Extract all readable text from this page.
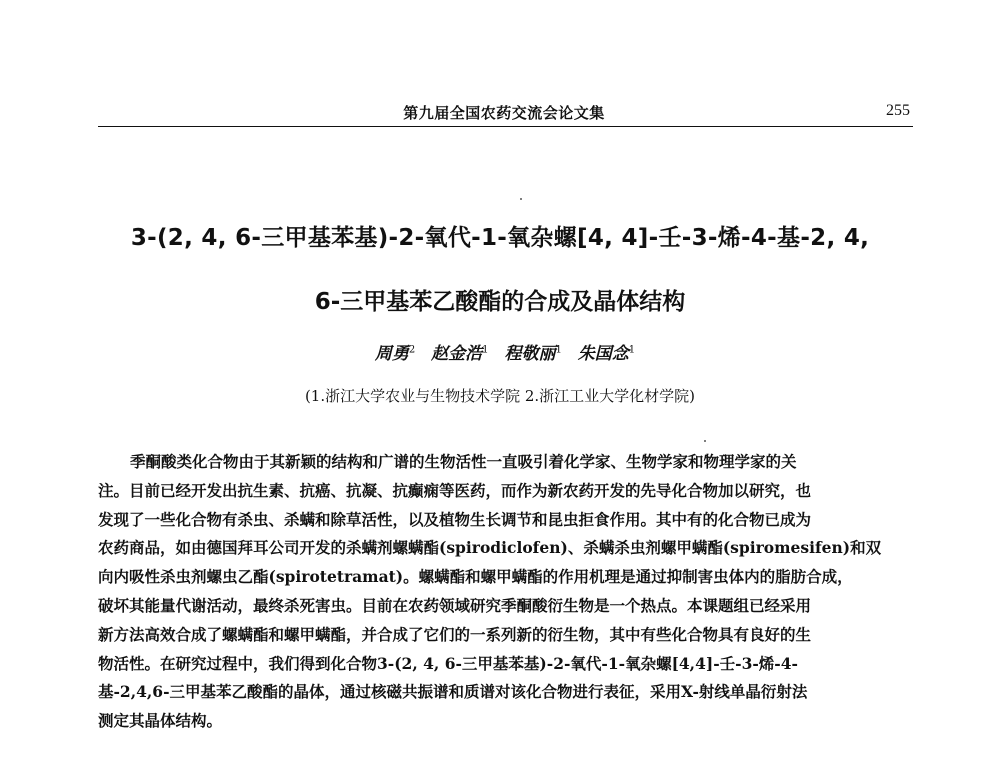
第九届全国农药交流会论文集	255
3-(2, 4, 6-三甲基苯基)-2-氧代-1-氧杂螺[4, 4]-壬-3-烯-4-基-2, 4,
6-三甲基苯乙酸酯的合成及晶体结构
周勇$^2$ 赵金浩$^1$ 程敬丽$^1$ 朱国念$^1$
(1.浙江大学农业与生物技术学院 2.浙江工业大学化材学院)
季酮酸类化合物由于其新颖的结构和广谱的生物活性一直吸引着化学家、生物学家和物理学家的关
注。目前已经开发出抗生素、抗癌、抗凝、抗癫痫等医药，而作为新农药开发的先导化合物加以研究，也
发现了一些化合物有杀虫、杀螨和除草活性，以及植物生长调节和昆虫拒食作用。其中有的化合物已成为
农药商品，如由德国拜耳公司开发的杀螨剂螺螨酯(spirodiclofen)、杀螨杀虫剂螺甲螨酯(spiromesifen)和双
向内吸性杀虫剂螺虫乙酯(spirotetramat)。螺螨酯和螺甲螨酯的作用机理是通过抑制害虫体内的脂肪合成，
破坏其能量代谢活动，最终杀死害虫。目前在农药领域研究季酮酸衍生物是一个热点。本课题组已经采用
新方法高效合成了螺螨酯和螺甲螨酯，并合成了它们的一系列新的衍生物，其中有些化合物具有良好的生
物活性。在研究过程中，我们得到化合物3-(2, 4, 6-三甲基苯基)-2-氧代-1-氧杂螺[4,4]-壬-3-烯-4-
基-2,4,6-三甲基苯乙酸酯的晶体，通过核磁共振谱和质谱对该化合物进行表征，采用X-射线单晶衍射法
测定其晶体结构。
